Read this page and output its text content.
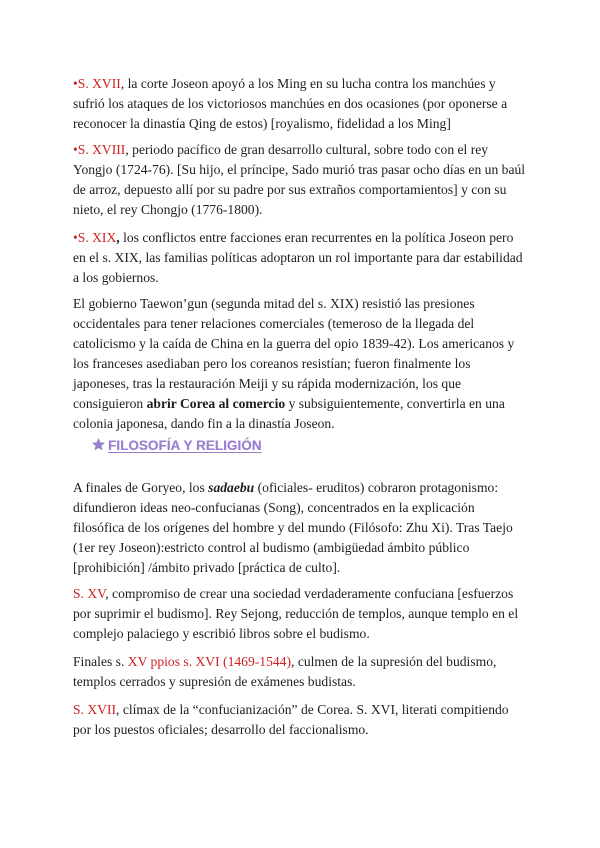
•S. XVII, la corte Joseon apoyó a los Ming en su lucha contra los manchúes y sufrió los ataques de los victoriosos manchúes en dos ocasiones (por oponerse a reconocer la dinastía Qing de estos) [royalismo, fidelidad a los Ming]

•S. XVIII, periodo pacífico de gran desarrollo cultural, sobre todo con el rey Yongjo (1724-76). [Su hijo, el príncipe, Sado murió tras pasar ocho días en un baúl de arroz, depuesto allí por su padre por sus extraños comportamientos] y con su nieto, el rey Chongjo (1776-1800).

•S. XIX, los conflictos entre facciones eran recurrentes en la política Joseon pero en el s. XIX, las familias políticas adoptaron un rol importante para dar estabilidad a los gobiernos.

El gobierno Taewon’gun (segunda mitad del s. XIX) resistió las presiones occidentales para tener relaciones comerciales (temeroso de la llegada del catolicismo y la caída de China en la guerra del opio 1839-42). Los americanos y los franceses asediaban pero los coreanos resistían; fueron finalmente los japoneses, tras la restauración Meiji y su rápida modernización, los que consiguieron abrir Corea al comercio y subsiguientemente, convertirla en una colonia japonesa, dando fin a la dinastía Joseon.

FILOSOFÍA Y RELIGIÓN

A finales de Goryeo, los sadaebu (oficiales- eruditos) cobraron protagonismo: difundieron ideas neo-confucianas (Song), concentrados en la explicación filosófica de los orígenes del hombre y del mundo (Filósofo: Zhu Xi). Tras Taejo (1er rey Joseon):estricto control al budismo (ambigüedad ámbito público [prohibición] /ámbito privado [práctica de culto].

S. XV, compromiso de crear una sociedad verdaderamente confuciana [esfuerzos por suprimir el budismo]. Rey Sejong, reducción de templos, aunque templo en el complejo palaciego y escribió libros sobre el budismo.

Finales s. XV ppios s. XVI (1469-1544), culmen de la supresión del budismo, templos cerrados y supresión de exámenes budistas.

S. XVII, clímax de la “confucianización” de Corea. S. XVI, literati compitiendo por los puestos oficiales; desarrollo del faccionalismo.
